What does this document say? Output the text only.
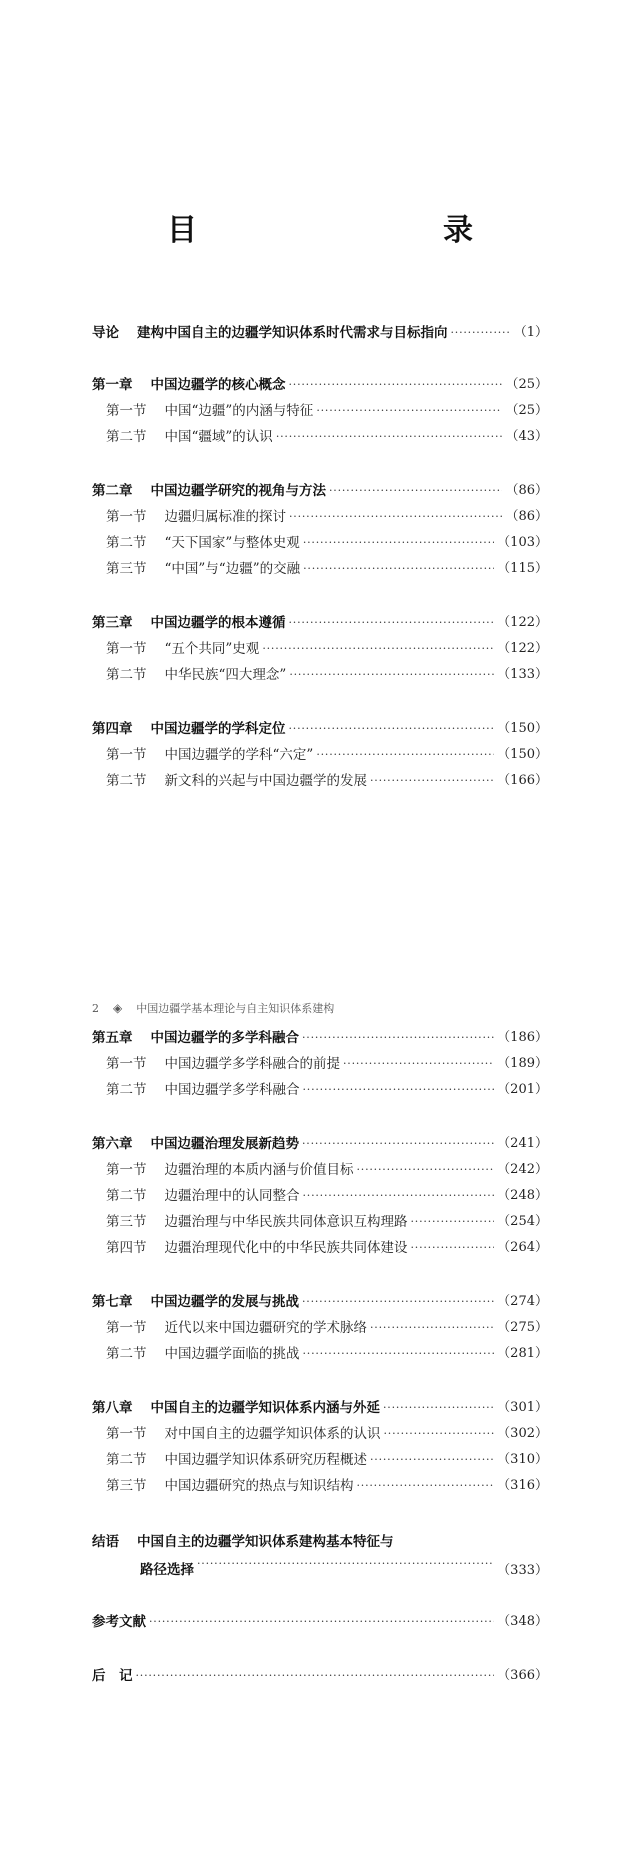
目　　录
导论 建构中国自主的边疆学知识体系时代需求与目标指向 ·····	（1）
第一章 中国边疆学的核心概念 ·····	（25）
第一节 中国“边疆”的内涵与特征 ·····	（25）
第二节 中国“疆域”的认识 ·····	（43）
第二章 中国边疆学研究的视角与方法 ·····	（86）
第一节 边疆归属标准的探讨 ·····	（86）
第二节 “天下国家”与整体史观 ·····	（103）
第三节 “中国”与“边疆”的交融 ·····	（115）
第三章 中国边疆学的根本遵循 ·····	（122）
第一节 “五个共同”史观 ·····	（122）
第二节 中华民族“四大理念” ·····	（133）
第四章 中国边疆学的学科定位 ·····	（150）
第一节 中国边疆学的学科“六定” ·····	（150）
第二节 新文科的兴起与中国边疆学的发展 ·····	（166）
第五章 中国边疆学的多学科融合 ·····	（186）
第一节 中国边疆学多学科融合的前提 ·····	（189）
第二节 中国边疆学多学科融合 ·····	（201）
第六章 中国边疆治理发展新趋势 ·····	（241）
第一节 边疆治理的本质内涵与价值目标 ·····	（242）
第二节 边疆治理中的认同整合 ·····	（248）
第三节 边疆治理与中华民族共同体意识互构理路 ·····	（254）
第四节 边疆治理现代化中的中华民族共同体建设 ·····	（264）
第七章 中国边疆学的发展与挑战 ·····	（274）
第一节 近代以来中国边疆研究的学术脉络 ·····	（275）
第二节 中国边疆学面临的挑战 ·····	（281）
第八章 中国自主的边疆学知识体系内涵与外延 ·····	（301）
第一节 对中国自主的边疆学知识体系的认识 ·····	（302）
第二节 中国边疆学知识体系研究历程概述 ·····	（310）
第三节 中国边疆研究的热点与知识结构 ·····	（316）
结语 中国自主的边疆学知识体系建构基本特征与
路径选择 ·····	（333）
参考文献 ·····	（348）
后　记 ·····	（366）
2 ◈ 中国边疆学基本理论与自主知识体系建构
